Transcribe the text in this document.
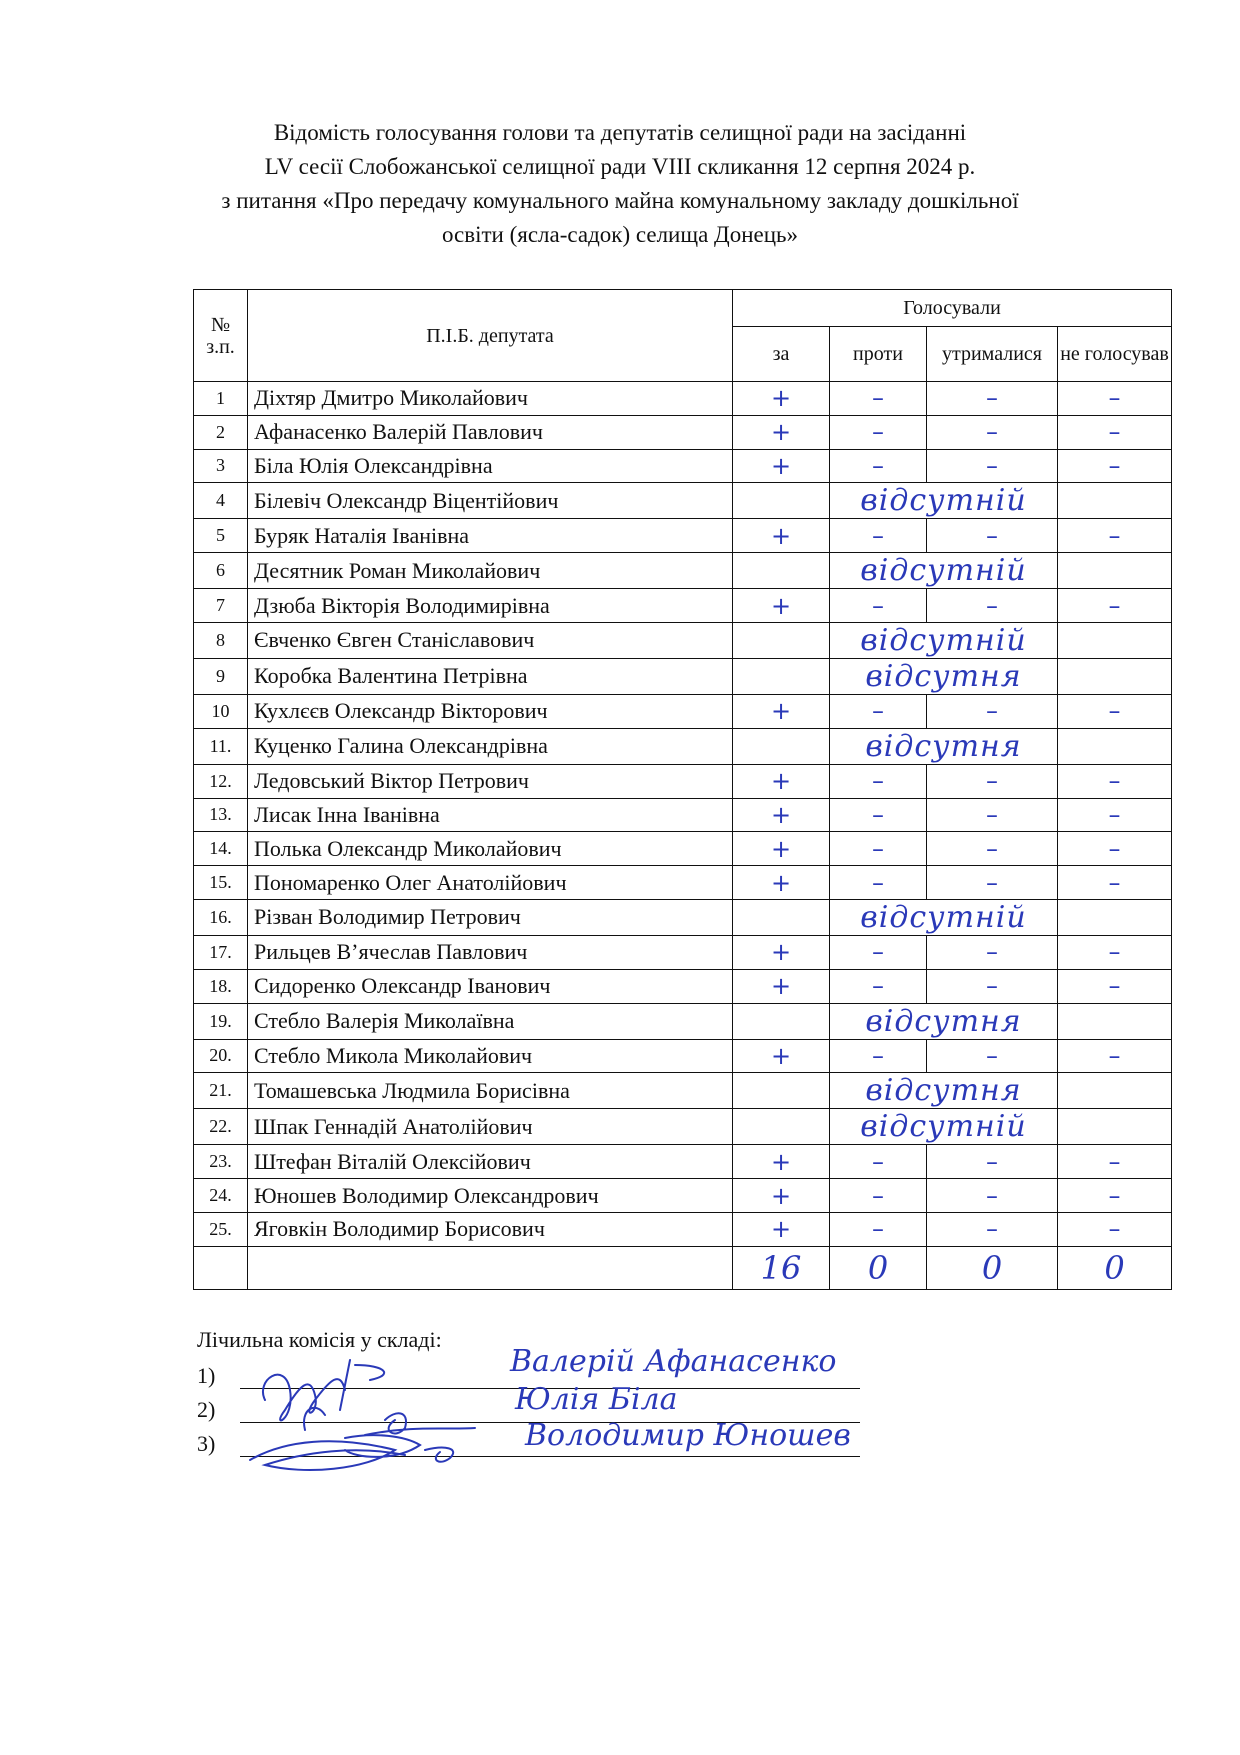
Відомість голосування голови та депутатів селищної ради на засіданні
LV сесії Слобожанської селищної ради VIII скликання 12 серпня 2024 р.
з питання «Про передачу комунального майна комунальному закладу дошкільної
освіти (ясла-садок) селища Донець»
№ з.п.	П.І.Б. депутата	Голосували			
		за	проти	утрималися	не голосував
1	Діхтяр Дмитро Миколайович	+	–	–	–
2	Афанасенко Валерій Павлович	+	–	–	–
3	Біла Юлія Олександрівна	+	–	–	–
4	Білевіч Олександр Віцентійович		відсутній		
5	Буряк Наталія Іванівна	+	–	–	–
6	Десятник Роман Миколайович		відсутній		
7	Дзюба Вікторія Володимирівна	+	–	–	–
8	Євченко Євген Станіславович		відсутній		
9	Коробка Валентина Петрівна		відсутня		
10	Кухлєєв Олександр Вікторович	+	–	–	–
11.	Куценко Галина Олександрівна		відсутня		
12.	Ледовський Віктор Петрович	+	–	–	–
13.	Лисак Інна Іванівна	+	–	–	–
14.	Полька Олександр Миколайович	+	–	–	–
15.	Пономаренко Олег Анатолійович	+	–	–	–
16.	Різван Володимир Петрович		відсутній		
17.	Рильцев В’ячеслав Павлович	+	–	–	–
18.	Сидоренко Олександр Іванович	+	–	–	–
19.	Стебло Валерія Миколаївна		відсутня		
20.	Стебло Микола Миколайович	+	–	–	–
21.	Томашевська Людмила Борисівна		відсутня		
22.	Шпак Геннадій Анатолійович		відсутній		
23.	Штефан Віталій Олексійович	+	–	–	–
24.	Юношев Володимир Олександрович	+	–	–	–
25.	Яговкін Володимир Борисович	+	–	–	–
		16	0	0	0
Лічильна комісія у складі:
1)
2)
3)
Валерій Афанасенко
Юлія Біла
Володимир Юношев
